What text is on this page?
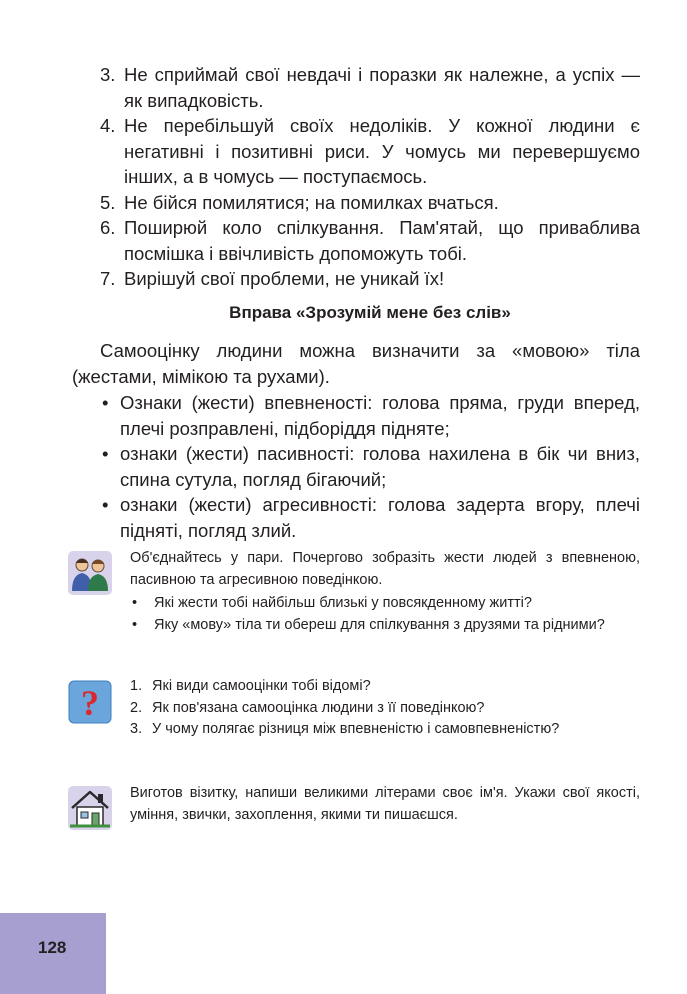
3. Не сприймай свої невдачі і поразки як належне, а успіх — як випадковість.
4. Не перебільшуй своїх недоліків. У кожної людини є негативні і позитивні риси. У чомусь ми перевершуємо інших, а в чомусь — поступаємось.
5. Не бійся помилятися; на помилках вчаться.
6. Поширюй коло спілкування. Пам'ятай, що приваблива посмішка і ввічливість допоможуть тобі.
7. Вирішуй свої проблеми, не уникай їх!
Вправа «Зрозумій мене без слів»

Самооцінку людини можна визначити за «мовою» тіла (жестами, мімікою та рухами).

• Ознаки (жести) впевненості: голова пряма, груди вперед, плечі розправлені, підборіддя підняте;
• ознаки (жести) пасивності: голова нахилена в бік чи вниз, спина сутула, погляд бігаючий;
• ознаки (жести) агресивності: голова задерта вгору, плечі підняті, погляд злий.

Об'єднайтесь у пари. Почергово зобразіть жести людей з впевненою, пасивною та агресивною поведінкою.

• Які жести тобі найбільш близькі у повсякденному житті?
• Яку «мову» тіла ти обереш для спілкування з друзями та рідними?
? 1. Які види самооцінки тобі відомі?
2. Як пов'язана самооцінка людини з її поведінкою?
3. У чому полягає різниця між впевненістю і самовпевненістю?

Виготов візитку, напиши великими літерами своє ім'я. Укажи свої якості, уміння, звички, захоплення, якими ти пишаєшся.

128
